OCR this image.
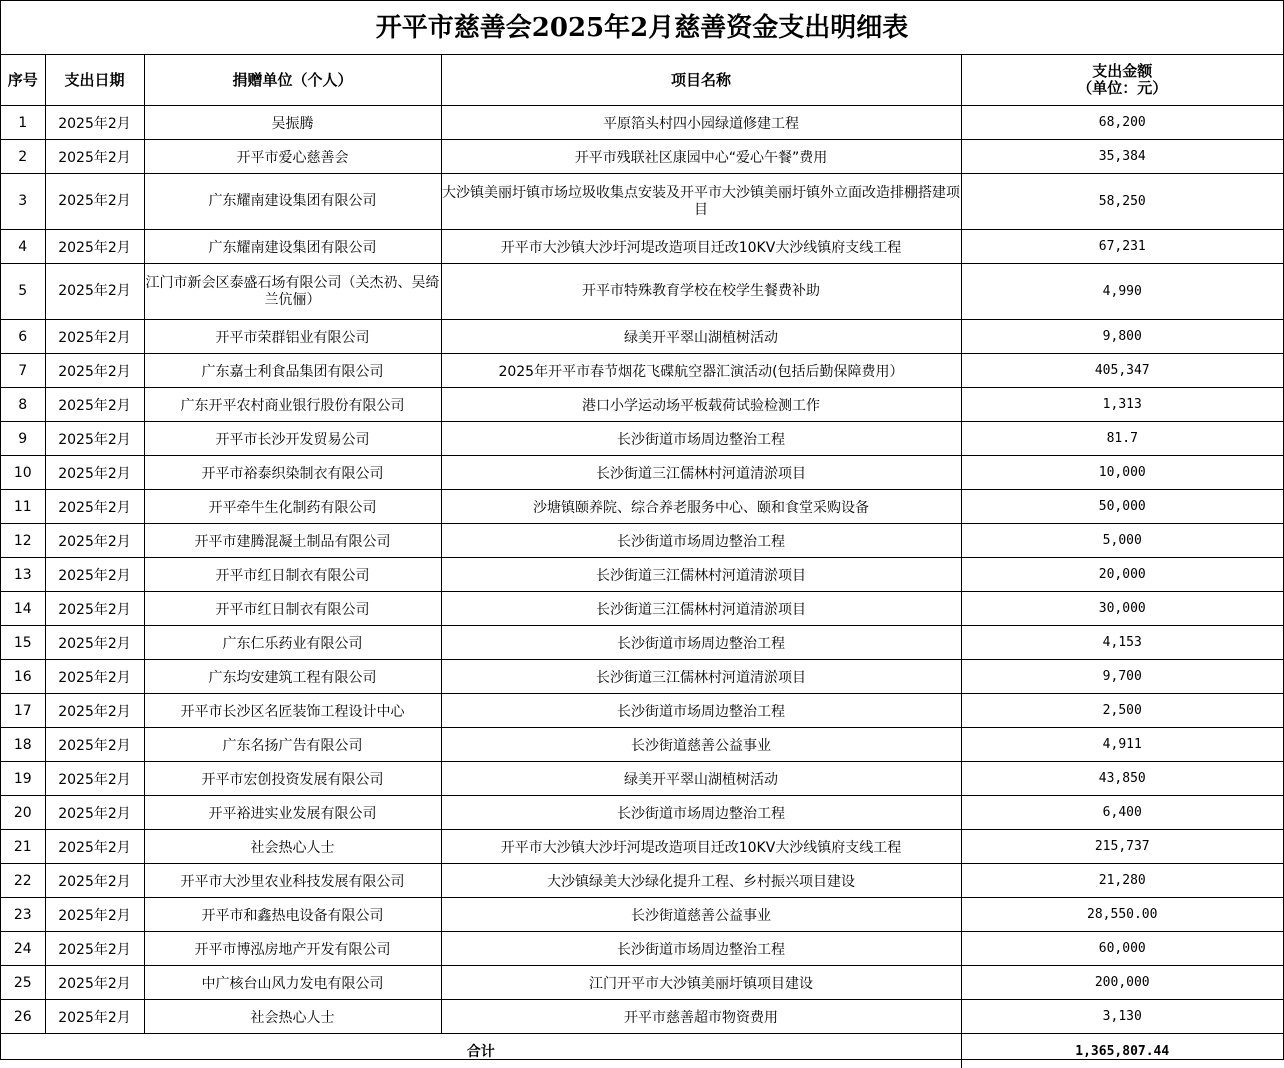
开平市慈善会2025年2月慈善资金支出明细表
序号	支出日期	捐赠单位（个人）	项目名称	支出金额
（单位：元）

1	2025年2月	吴振腾	平原箔头村四小园绿道修建工程	68,200
2	2025年2月	开平市爱心慈善会	开平市残联社区康园中心“爱心午餐”费用	35,384
3	2025年2月	广东耀南建设集团有限公司	大沙镇美丽圩镇市场垃圾收集点安装及开平市大沙镇美丽圩镇外立面改造排棚搭建项目	58,250
4	2025年2月	广东耀南建设集团有限公司	开平市大沙镇大沙圩河堤改造项目迁改10KV大沙线镇府支线工程	67,231
5	2025年2月	江门市新会区泰盛石场有限公司（关杰礽、吴绮兰伉俪）	开平市特殊教育学校在校学生餐费补助	4,990
6	2025年2月	开平市荣群铝业有限公司	绿美开平翠山湖植树活动	9,800
7	2025年2月	广东嘉士利食品集团有限公司	2025年开平市春节烟花飞碟航空器汇演活动(包括后勤保障费用）	405,347
8	2025年2月	广东开平农村商业银行股份有限公司	港口小学运动场平板载荷试验检测工作	1,313
9	2025年2月	开平市长沙开发贸易公司	长沙街道市场周边整治工程	81.7
10	2025年2月	开平市裕泰织染制衣有限公司	长沙街道三江儒林村河道清淤项目	10,000
11	2025年2月	开平牵牛生化制药有限公司	沙塘镇颐养院、综合养老服务中心、颐和食堂采购设备	50,000
12	2025年2月	开平市建腾混凝土制品有限公司	长沙街道市场周边整治工程	5,000
13	2025年2月	开平市红日制衣有限公司	长沙街道三江儒林村河道清淤项目	20,000
14	2025年2月	开平市红日制衣有限公司	长沙街道三江儒林村河道清淤项目	30,000
15	2025年2月	广东仁乐药业有限公司	长沙街道市场周边整治工程	4,153
16	2025年2月	广东均安建筑工程有限公司	长沙街道三江儒林村河道清淤项目	9,700
17	2025年2月	开平市长沙区名匠装饰工程设计中心	长沙街道市场周边整治工程	2,500
18	2025年2月	广东名扬广告有限公司	长沙街道慈善公益事业	4,911
19	2025年2月	开平市宏创投资发展有限公司	绿美开平翠山湖植树活动	43,850
20	2025年2月	开平裕进实业发展有限公司	长沙街道市场周边整治工程	6,400
21	2025年2月	社会热心人士	开平市大沙镇大沙圩河堤改造项目迁改10KV大沙线镇府支线工程	215,737
22	2025年2月	开平市大沙里农业科技发展有限公司	大沙镇绿美大沙绿化提升工程、乡村振兴项目建设	21,280
23	2025年2月	开平市和鑫热电设备有限公司	长沙街道慈善公益事业	28,550.00
24	2025年2月	开平市博泓房地产开发有限公司	长沙街道市场周边整治工程	60,000
25	2025年2月	中广核台山风力发电有限公司	江门开平市大沙镇美丽圩镇项目建设	200,000
26	2025年2月	社会热心人士	开平市慈善超市物资费用	3,130
合计				1,365,807.44
